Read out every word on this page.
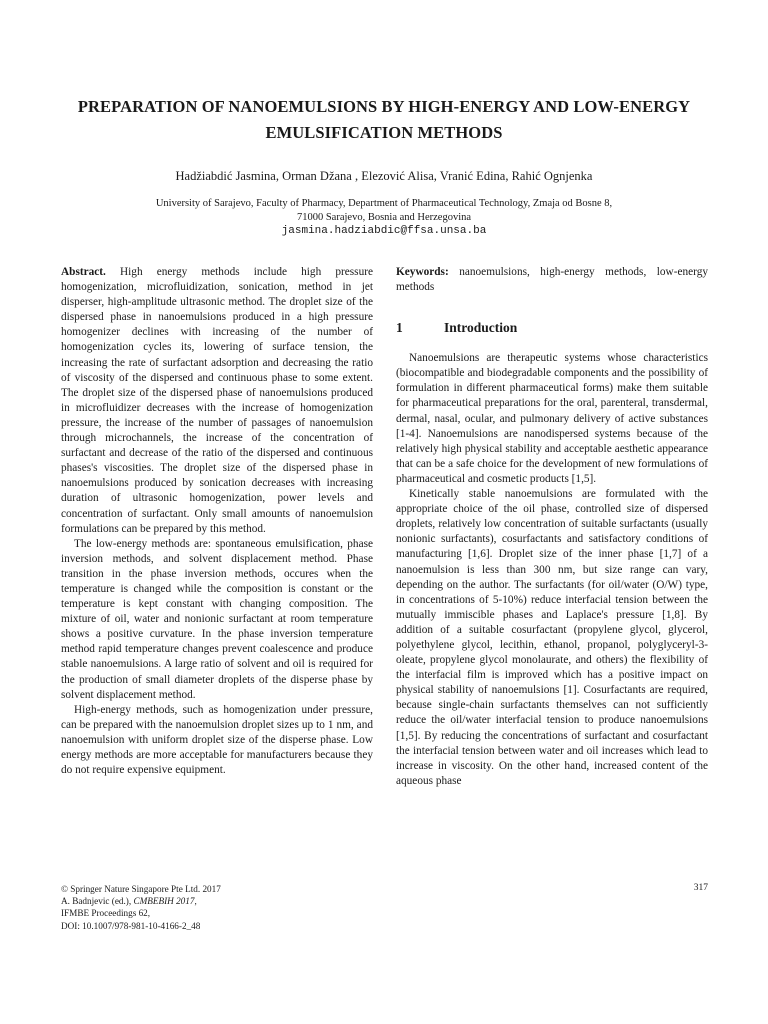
PREPARATION OF NANOEMULSIONS BY HIGH-ENERGY AND LOW-ENERGY EMULSIFICATION METHODS
Hadžiabdić Jasmina, Orman Džana , Elezović Alisa, Vranić Edina, Rahić Ognjenka
University of Sarajevo, Faculty of Pharmacy, Department of Pharmaceutical Technology, Zmaja od Bosne 8,
71000 Sarajevo, Bosnia and Herzegovina
jasmina.hadziabdic@ffsa.unsa.ba

Abstract. High energy methods include high pressure homogenization, microfluidization, sonication, method in jet disperser, high-amplitude ultrasonic method. The droplet size of the dispersed phase in nanoemulsions produced in a high pressure homogenizer declines with increasing of the number of homogenization cycles its, lowering of surface tension, the increasing the rate of surfactant adsorption and decreasing the ratio of viscosity of the dispersed and continuous phase to some extent. The droplet size of the dispersed phase of nanoemulsions produced in microfluidizer decreases with the increase of homogenization pressure, the increase of the number of passages of nanoemulsion through microchannels, the increase of the concentration of surfactant and decrease of the ratio of the dispersed and continuous phases's viscosities. The droplet size of the dispersed phase in nanoemulsions produced by sonication decreases with increasing duration of ultrasonic homogenization, power levels and concentration of surfactant. Only small amounts of nanoemulsion formulations can be prepared by this method.

The low-energy methods are: spontaneous emulsification, phase inversion methods, and solvent displacement method. Phase transition in the phase inversion methods, occures when the temperature is changed while the composition is constant or the temperature is kept constant with changing composition. The mixture of oil, water and nonionic surfactant at room temperature shows a positive curvature. In the phase inversion temperature method rapid temperature changes prevent coalescence and produce stable nanoemulsions. A large ratio of solvent and oil is required for the production of small diameter droplets of the disperse phase by solvent displacement method.

High-energy methods, such as homogenization under pressure, can be prepared with the nanoemulsion droplet sizes up to 1 nm, and nanoemulsion with uniform droplet size of the disperse phase. Low energy methods are more acceptable for manufacturers because they do not require expensive equipment.

Keywords: nanoemulsions, high-energy methods, low-energy methods

1	Introduction

Nanoemulsions are therapeutic systems whose characteristics (biocompatible and biodegradable components and the possibility of formulation in different pharmaceutical forms) make them suitable for pharmaceutical preparations for the oral, parenteral, transdermal, dermal, nasal, ocular, and pulmonary delivery of active substances [1-4]. Nanoemulsions are nanodispersed systems because of the relatively high physical stability and acceptable aesthetic appearance that can be a safe choice for the development of new formulations of pharmaceutical and cosmetic products [1,5].

Kinetically stable nanoemulsions are formulated with the appropriate choice of the oil phase, controlled size of dispersed droplets, relatively low concentration of suitable surfactants (usually nonionic surfactants), cosurfactants and satisfactory conditions of manufacturing [1,6]. Droplet size of the inner phase [1,7] of a nanoemulsion is less than 300 nm, but size range can vary, depending on the author. The surfactants (for oil/water (O/W) type, in concentrations of 5-10%) reduce interfacial tension between the mutually immiscible phases and Laplace's pressure [1,8]. By addition of a suitable cosurfactant (propylene glycol, glycerol, polyethylene glycol, lecithin, ethanol, propanol, polyglyceryl-3-oleate, propylene glycol monolaurate, and others) the flexibility of the interfacial film is improved which has a positive impact on physical stability of nanoemulsions [1]. Cosurfactants are required, because single-chain surfactants themselves can not sufficiently reduce the oil/water interfacial tension to produce nanoemulsions [1,5]. By reducing the concentrations of surfactant and cosurfactant the interfacial tension between water and oil increases which lead to increase in viscosity. On the other hand, increased content of the aqueous phase

© Springer Nature Singapore Pte Ltd. 2017
A. Badnjevic (ed.), CMBEBIH 2017,
IFMBE Proceedings 62,
DOI: 10.1007/978-981-10-4166-2_48
317
